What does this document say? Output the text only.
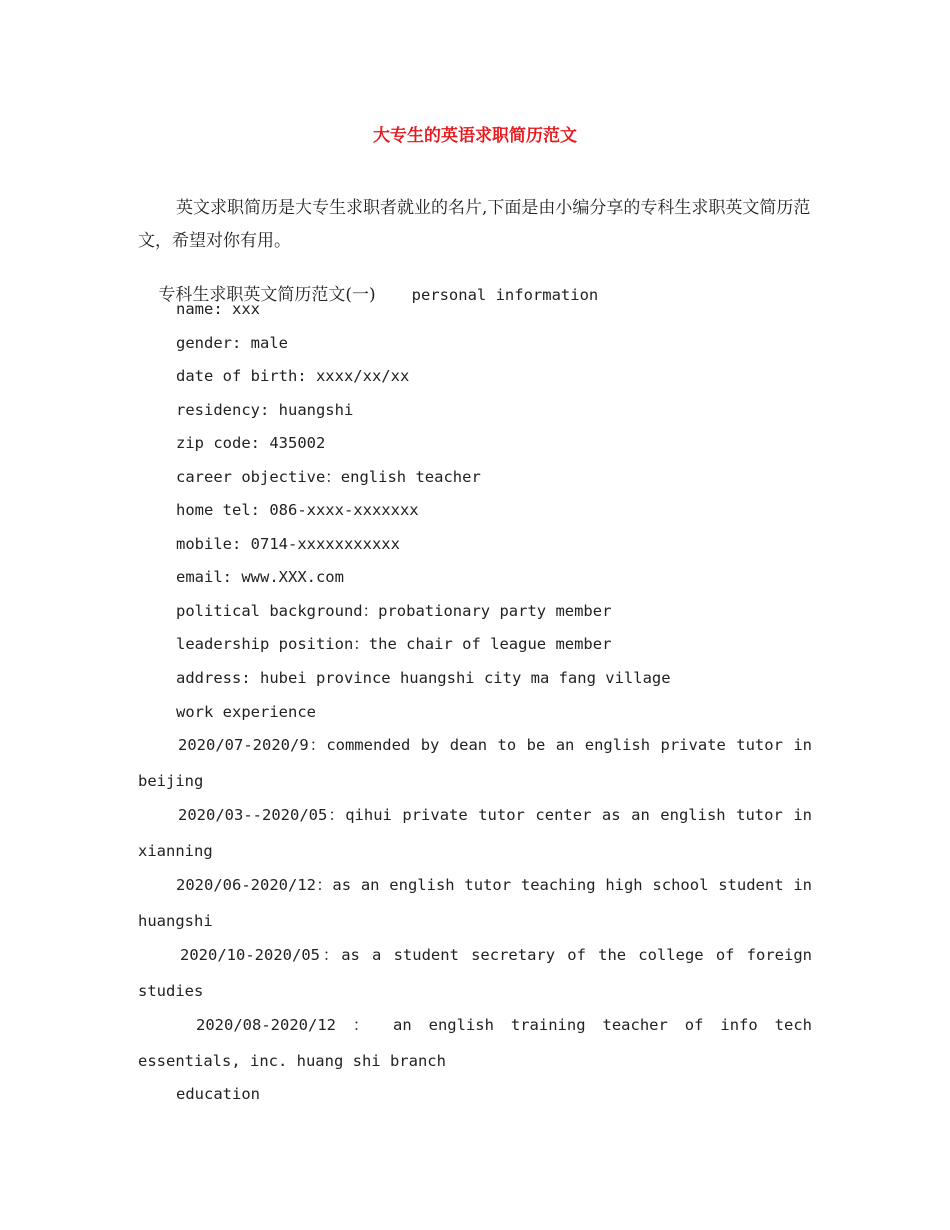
大专生的英语求职简历范文
英文求职简历是大专生求职者就业的名片,下面是由小编分享的专科生求职英文简历范文，希望对你有用。

专科生求职英文简历范文(一) personal information

name: xxx
gender: male
date of birth: xxxx/xx/xx
residency: huangshi
zip code: 435002
career objective：english teacher
home tel: 086-xxxx-xxxxxxx
mobile: 0714-xxxxxxxxxxx
email: www.XXX.com
political background：probationary party member
leadership position：the chair of league member
address: hubei province huangshi city ma fang village
work experience
2020/07-2020/9：commended by dean to be an english private tutor in beijing
2020/03--2020/05：qihui private tutor center as an english tutor in xianning
2020/06-2020/12：as an english tutor teaching high school student in huangshi
2020/10-2020/05：as a student secretary of the college of foreign studies
2020/08-2020/12 ： an english training teacher of info tech essentials, inc. huang shi branch
education
